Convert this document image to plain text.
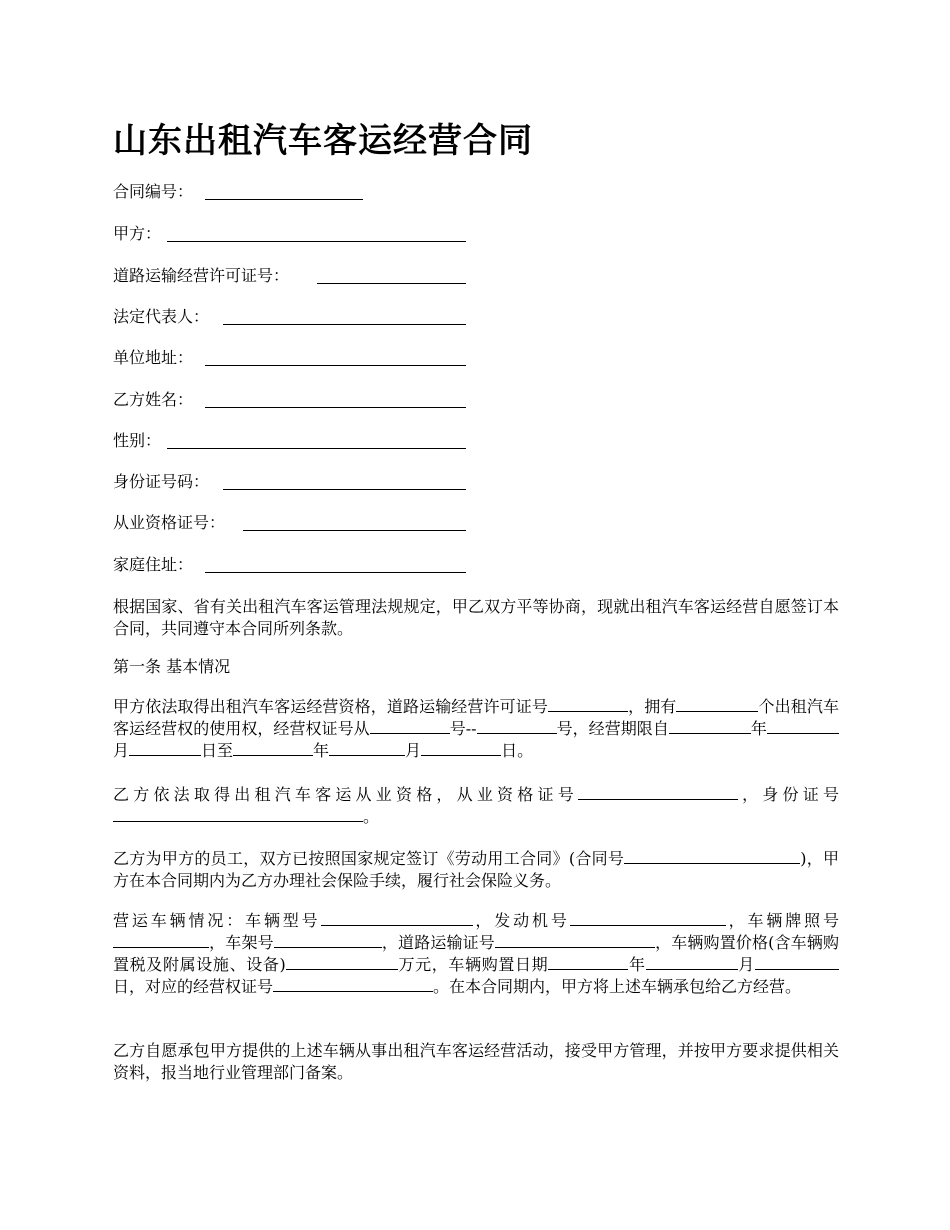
山东出租汽车客运经营合同
合同编号：
甲方：
道路运输经营许可证号：
法定代表人：
单位地址：
乙方姓名：
性别：
身份证号码：
从业资格证号：
家庭住址：

根据国家、省有关出租汽车客运管理法规规定，甲乙双方平等协商，现就出租汽车客运经营自愿签订本合同，共同遵守本合同所列条款。

第一条 基本情况

甲方依法取得出租汽车客运经营资格，道路运输经营许可证号	，拥有	个出租汽车客运经营权的使用权，经营权证号从	号--	号，经营期限自	年月	日至	年	月	日。

乙方依法取得出租汽车客运从业资格，从业资格证号	，身份证号。

乙方为甲方的员工，双方已按照国家规定签订《劳动用工合同》(合同号	)，甲方在本合同期内为乙方办理社会保险手续，履行社会保险义务。

营运车辆情况：车辆型号	，发动机号	，车辆牌照号，车架号	，道路运输证号	，车辆购置价格(含车辆购置税及附属设施、设备)	万元，车辆购置日期	年	月日，对应的经营权证号	。在本合同期内，甲方将上述车辆承包给乙方经营。

乙方自愿承包甲方提供的上述车辆从事出租汽车客运经营活动，接受甲方管理，并按甲方要求提供相关资料，报当地行业管理部门备案。
